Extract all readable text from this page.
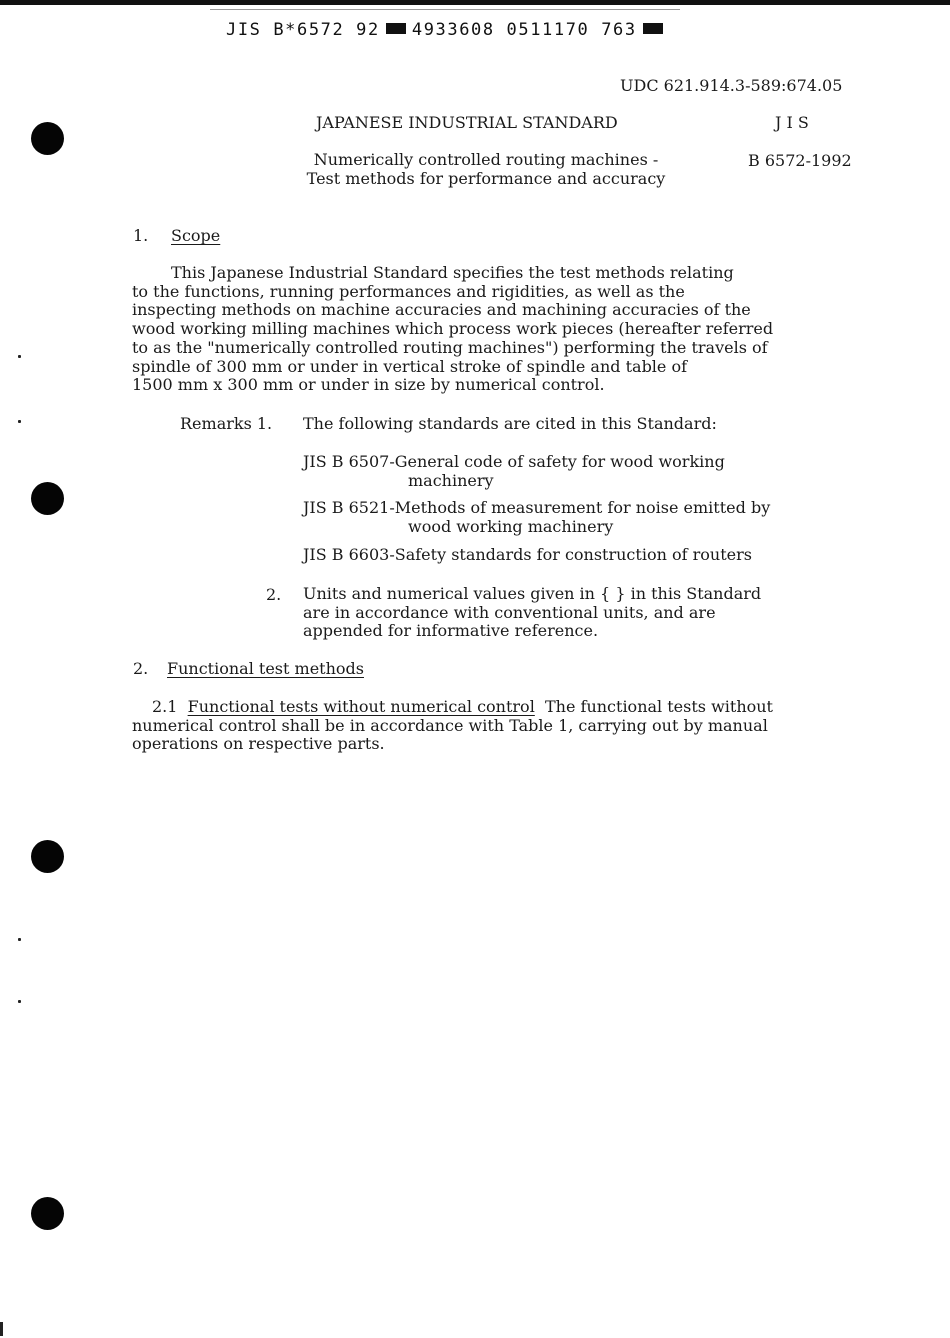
JIS B*6572 92 4933608 0511170 763
UDC 621.914.3-589:674.05
JAPANESE INDUSTRIAL STANDARD	J I S
Numerically controlled routing machines -
Test methods for performance and accuracy
B 6572-1992
1. Scope
This Japanese Industrial Standard specifies the test methods relating
to the functions, running performances and rigidities, as well as the
inspecting methods on machine accuracies and machining accuracies of the
wood working milling machines which process work pieces (hereafter referred
to as the "numerically controlled routing machines") performing the travels of
spindle of 300 mm or under in vertical stroke of spindle and table of
1500 mm x 300 mm or under in size by numerical control.
Remarks 1. The following standards are cited in this Standard:
JIS B 6507-General code of safety for wood working
machinery
JIS B 6521-Methods of measurement for noise emitted by
wood working machinery
JIS B 6603-Safety standards for construction of routers
2. Units and numerical values given in { } in this Standard
are in accordance with conventional units, and are
appended for informative reference.
2. Functional test methods
2.1 Functional tests without numerical control The functional tests without
numerical control shall be in accordance with Table 1, carrying out by manual
operations on respective parts.
